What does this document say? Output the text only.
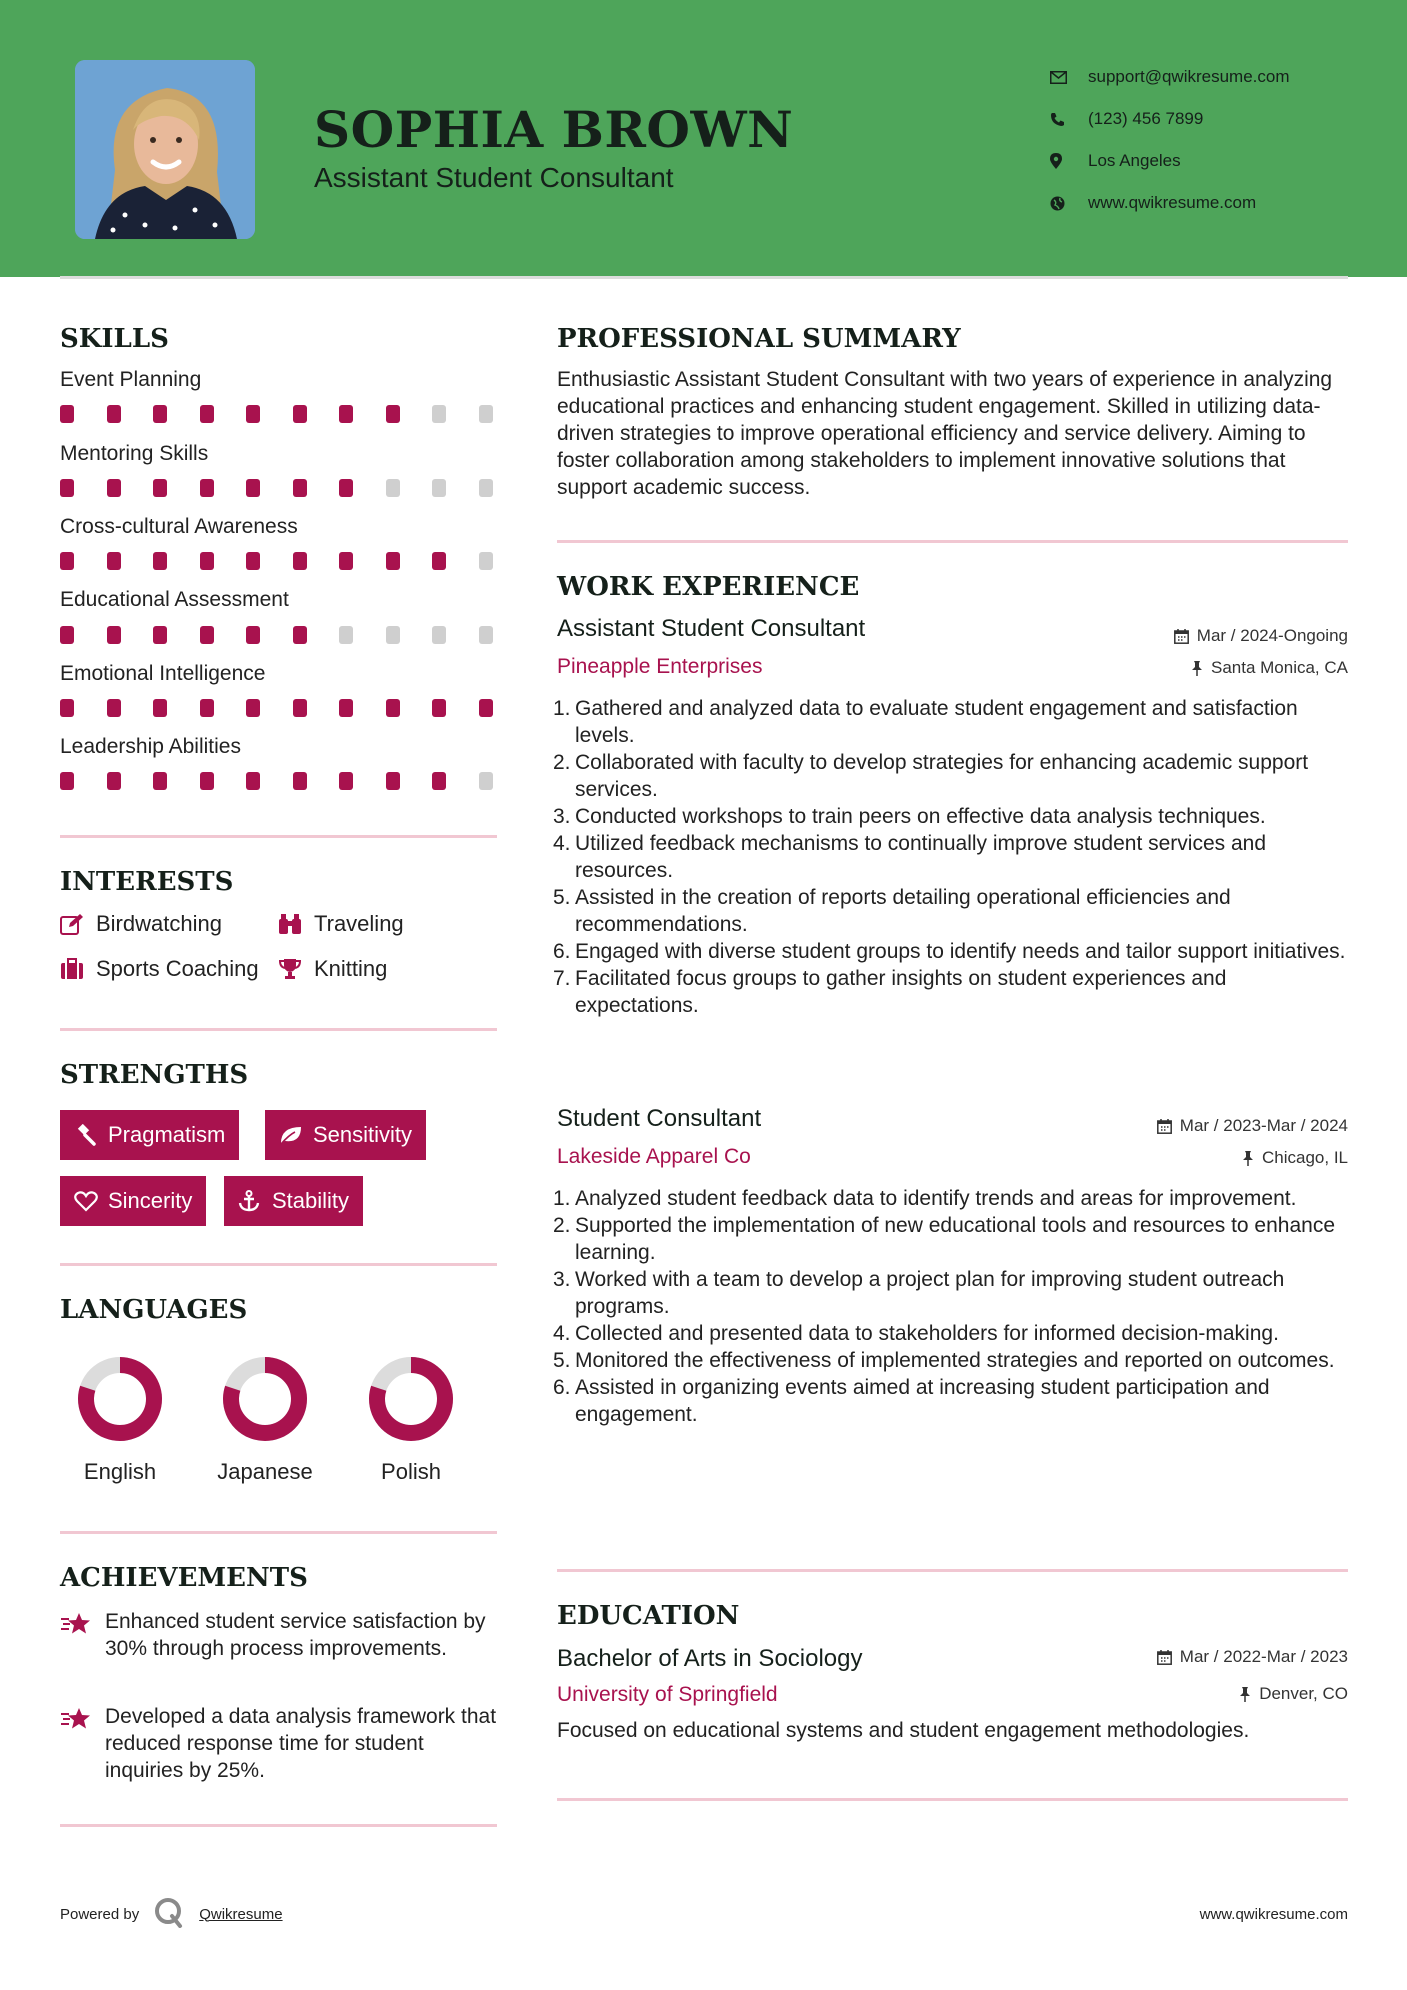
SOPHIA BROWN
Assistant Student Consultant
support@qwikresume.com
(123) 456 7899
Los Angeles
www.qwikresume.com
SKILLS
Event Planning
Mentoring Skills
Cross-cultural Awareness
Educational Assessment
Emotional Intelligence
Leadership Abilities
INTERESTS
Birdwatching	Traveling
Sports Coaching	Knitting
STRENGTHS
Pragmatism	Sensitivity
Sincerity	Stability
LANGUAGES
English	Japanese	Polish
ACHIEVEMENTS
Enhanced student service satisfaction by 30% through process improvements.
Developed a data analysis framework that reduced response time for student inquiries by 25%.
PROFESSIONAL SUMMARY
Enthusiastic Assistant Student Consultant with two years of experience in analyzing educational practices and enhancing student engagement. Skilled in utilizing data-driven strategies to improve operational efficiency and service delivery. Aiming to foster collaboration among stakeholders to implement innovative solutions that support academic success.
WORK EXPERIENCE
Assistant Student Consultant	Mar / 2024-Ongoing
Pineapple Enterprises	Santa Monica, CA
1. Gathered and analyzed data to evaluate student engagement and satisfaction levels.
2. Collaborated with faculty to develop strategies for enhancing academic support services.
3. Conducted workshops to train peers on effective data analysis techniques.
4. Utilized feedback mechanisms to continually improve student services and resources.
5. Assisted in the creation of reports detailing operational efficiencies and recommendations.
6. Engaged with diverse student groups to identify needs and tailor support initiatives.
7. Facilitated focus groups to gather insights on student experiences and expectations.
Student Consultant	Mar / 2023-Mar / 2024
Lakeside Apparel Co	Chicago, IL
1. Analyzed student feedback data to identify trends and areas for improvement.
2. Supported the implementation of new educational tools and resources to enhance learning.
3. Worked with a team to develop a project plan for improving student outreach programs.
4. Collected and presented data to stakeholders for informed decision-making.
5. Monitored the effectiveness of implemented strategies and reported on outcomes.
6. Assisted in organizing events aimed at increasing student participation and engagement.
EDUCATION
Bachelor of Arts in Sociology	Mar / 2022-Mar / 2023
University of Springfield	Denver, CO
Focused on educational systems and student engagement methodologies.
Powered by	Qwikresume	www.qwikresume.com
